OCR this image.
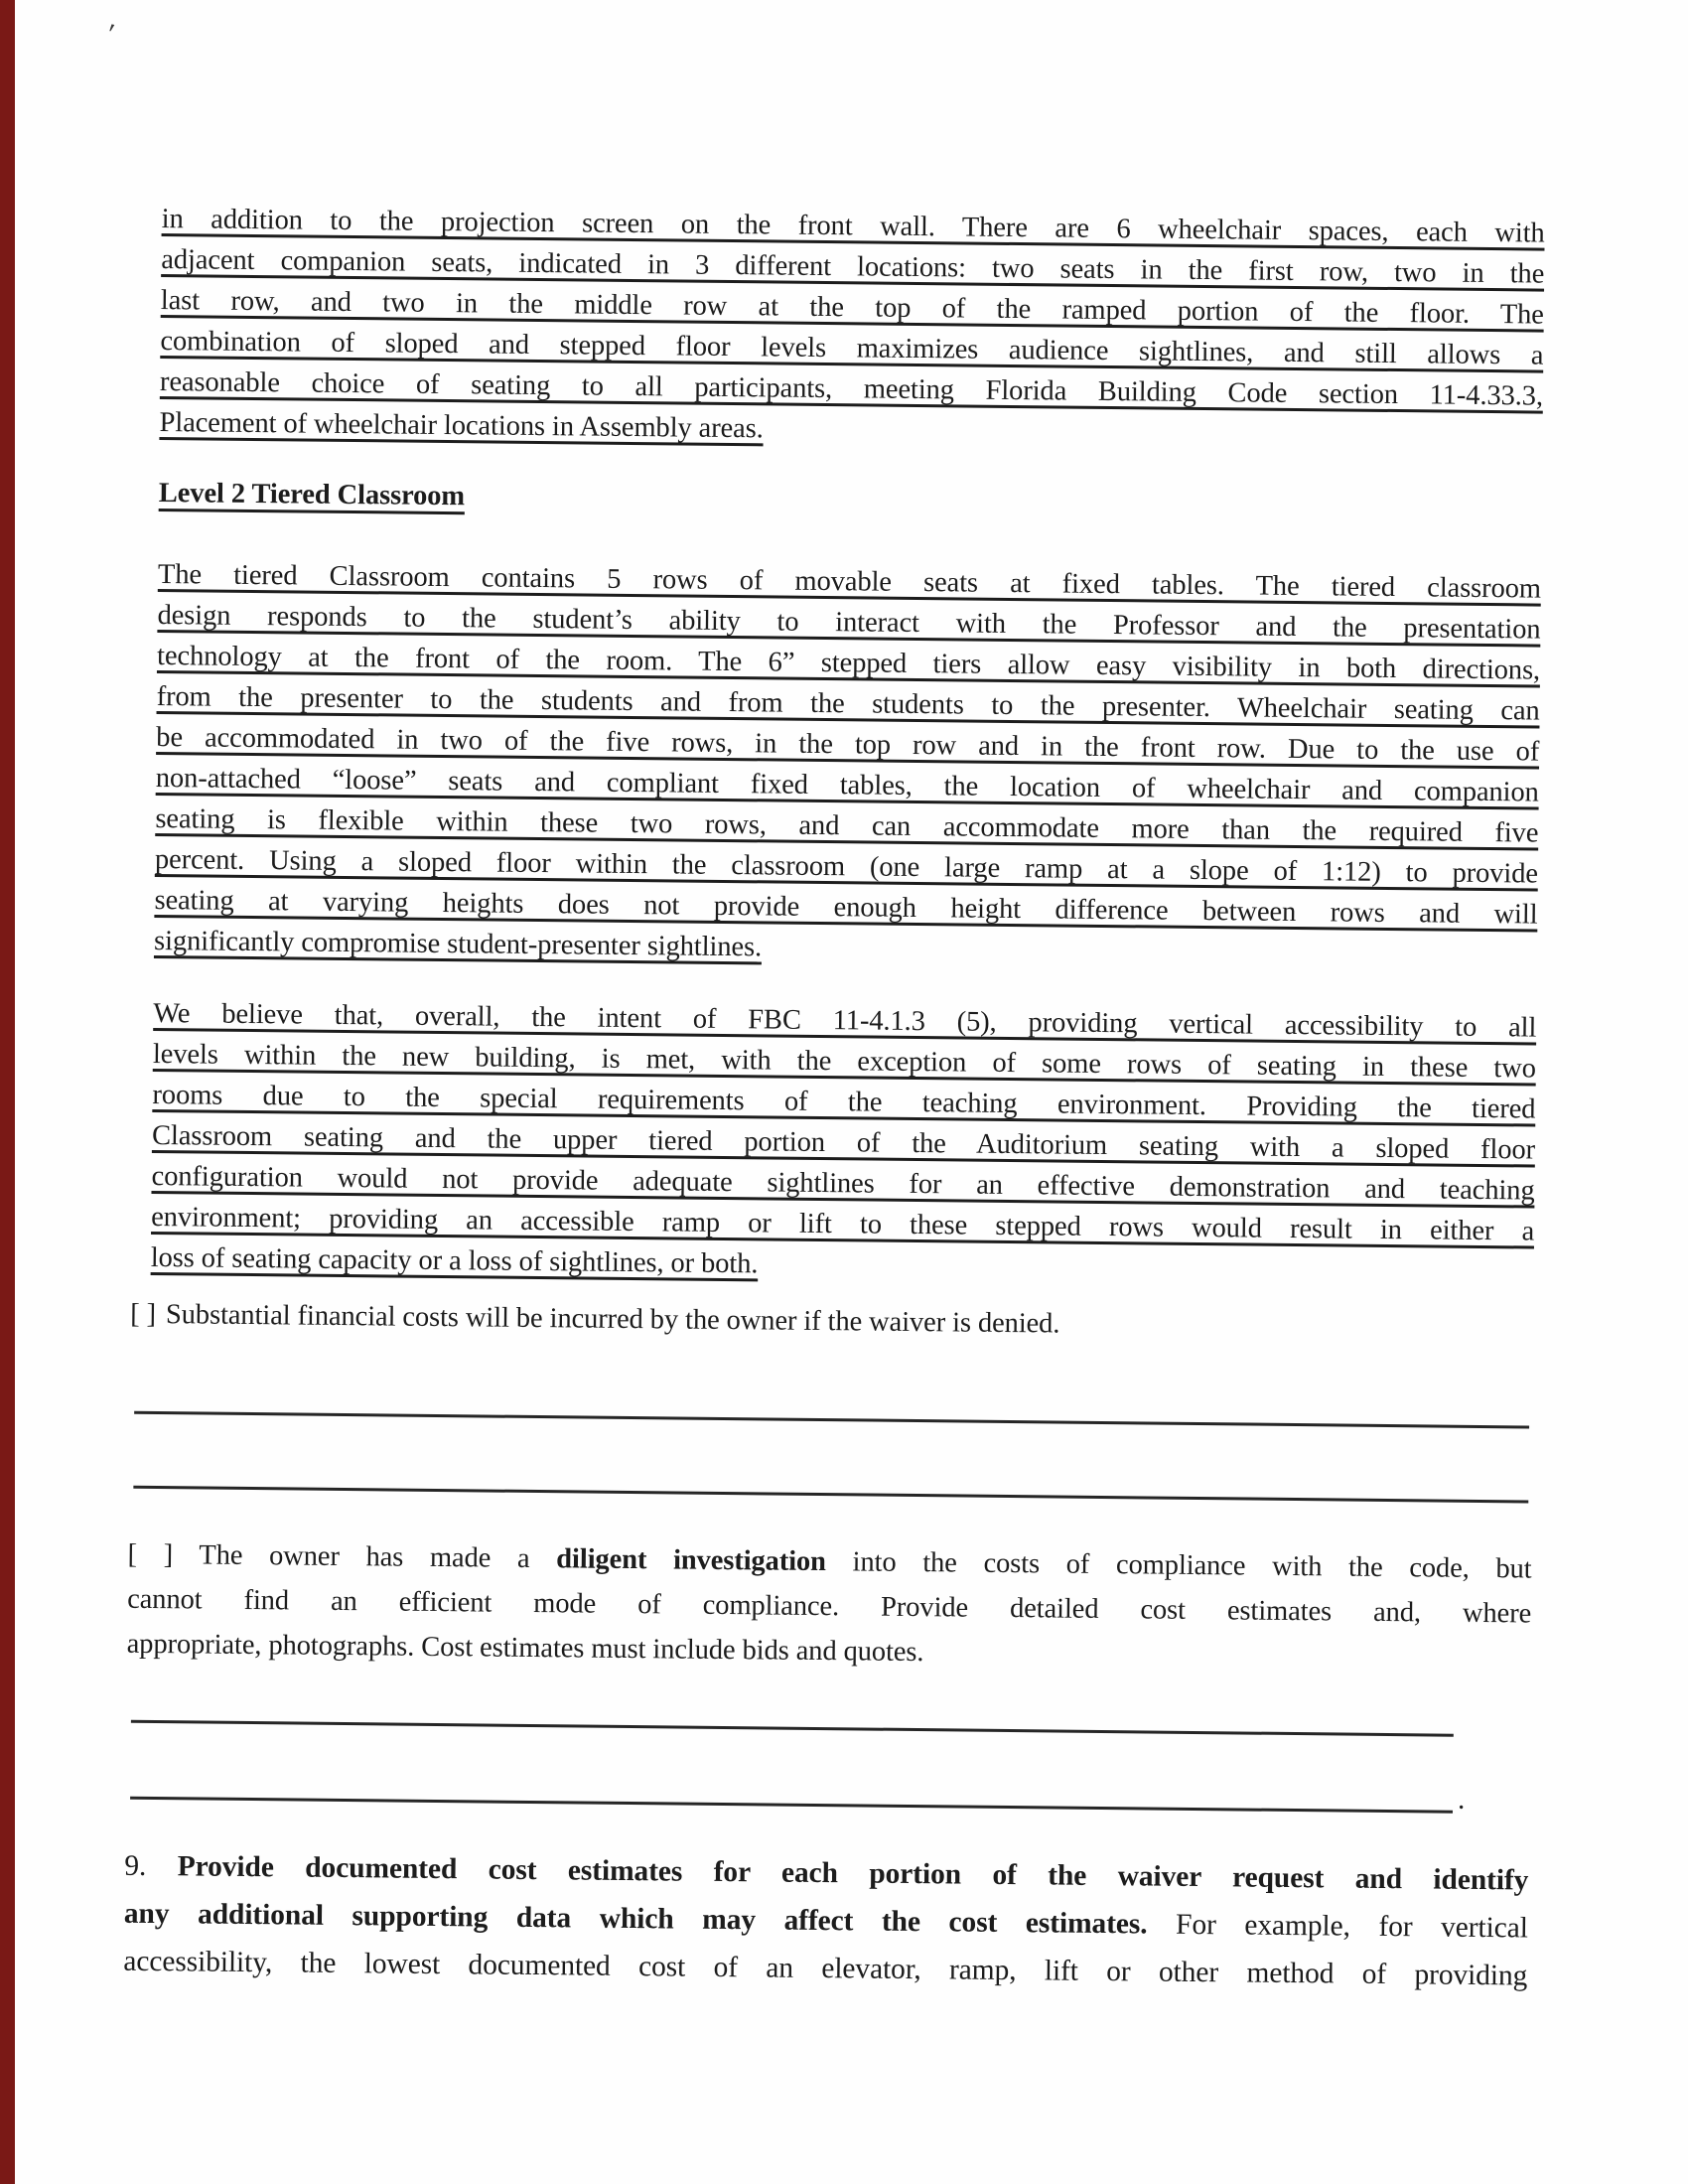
′
in addition to the projection screen on the front wall. There are 6 wheelchair spaces, each with
adjacent companion seats, indicated in 3 different locations: two seats in the first row, two in the
last row, and two in the middle row at the top of the ramped portion of the floor. The
combination of sloped and stepped floor levels maximizes audience sightlines, and still allows a
reasonable choice of seating to all participants, meeting Florida Building Code section 11-4.33.3,
Placement of wheelchair locations in Assembly areas.
Level 2 Tiered Classroom
The tiered Classroom contains 5 rows of movable seats at fixed tables. The tiered classroom
design responds to the student’s ability to interact with the Professor and the presentation
technology at the front of the room. The 6” stepped tiers allow easy visibility in both directions,
from the presenter to the students and from the students to the presenter. Wheelchair seating can
be accommodated in two of the five rows, in the top row and in the front row. Due to the use of
non-attached “loose” seats and compliant fixed tables, the location of wheelchair and companion
seating is flexible within these two rows, and can accommodate more than the required five
percent. Using a sloped floor within the classroom (one large ramp at a slope of 1:12) to provide
seating at varying heights does not provide enough height difference between rows and will
significantly compromise student-presenter sightlines.
We believe that, overall, the intent of FBC 11-4.1.3 (5), providing vertical accessibility to all
levels within the new building, is met, with the exception of some rows of seating in these two
rooms due to the special requirements of the teaching environment. Providing the tiered
Classroom seating and the upper tiered portion of the Auditorium seating with a sloped floor
configuration would not provide adequate sightlines for an effective demonstration and teaching
environment; providing an accessible ramp or lift to these stepped rows would result in either a
loss of seating capacity or a loss of sightlines, or both.
[ ] Substantial financial costs will be incurred by the owner if the waiver is denied.
[ ] The owner has made a diligent investigation into the costs of compliance with the code, but
cannot find an efficient mode of compliance. Provide detailed cost estimates and, where
appropriate, photographs. Cost estimates must include bids and quotes.
.
9. Provide documented cost estimates for each portion of the waiver request and identify
any additional supporting data which may affect the cost estimates. For example, for vertical
accessibility, the lowest documented cost of an elevator, ramp, lift or other method of providing
